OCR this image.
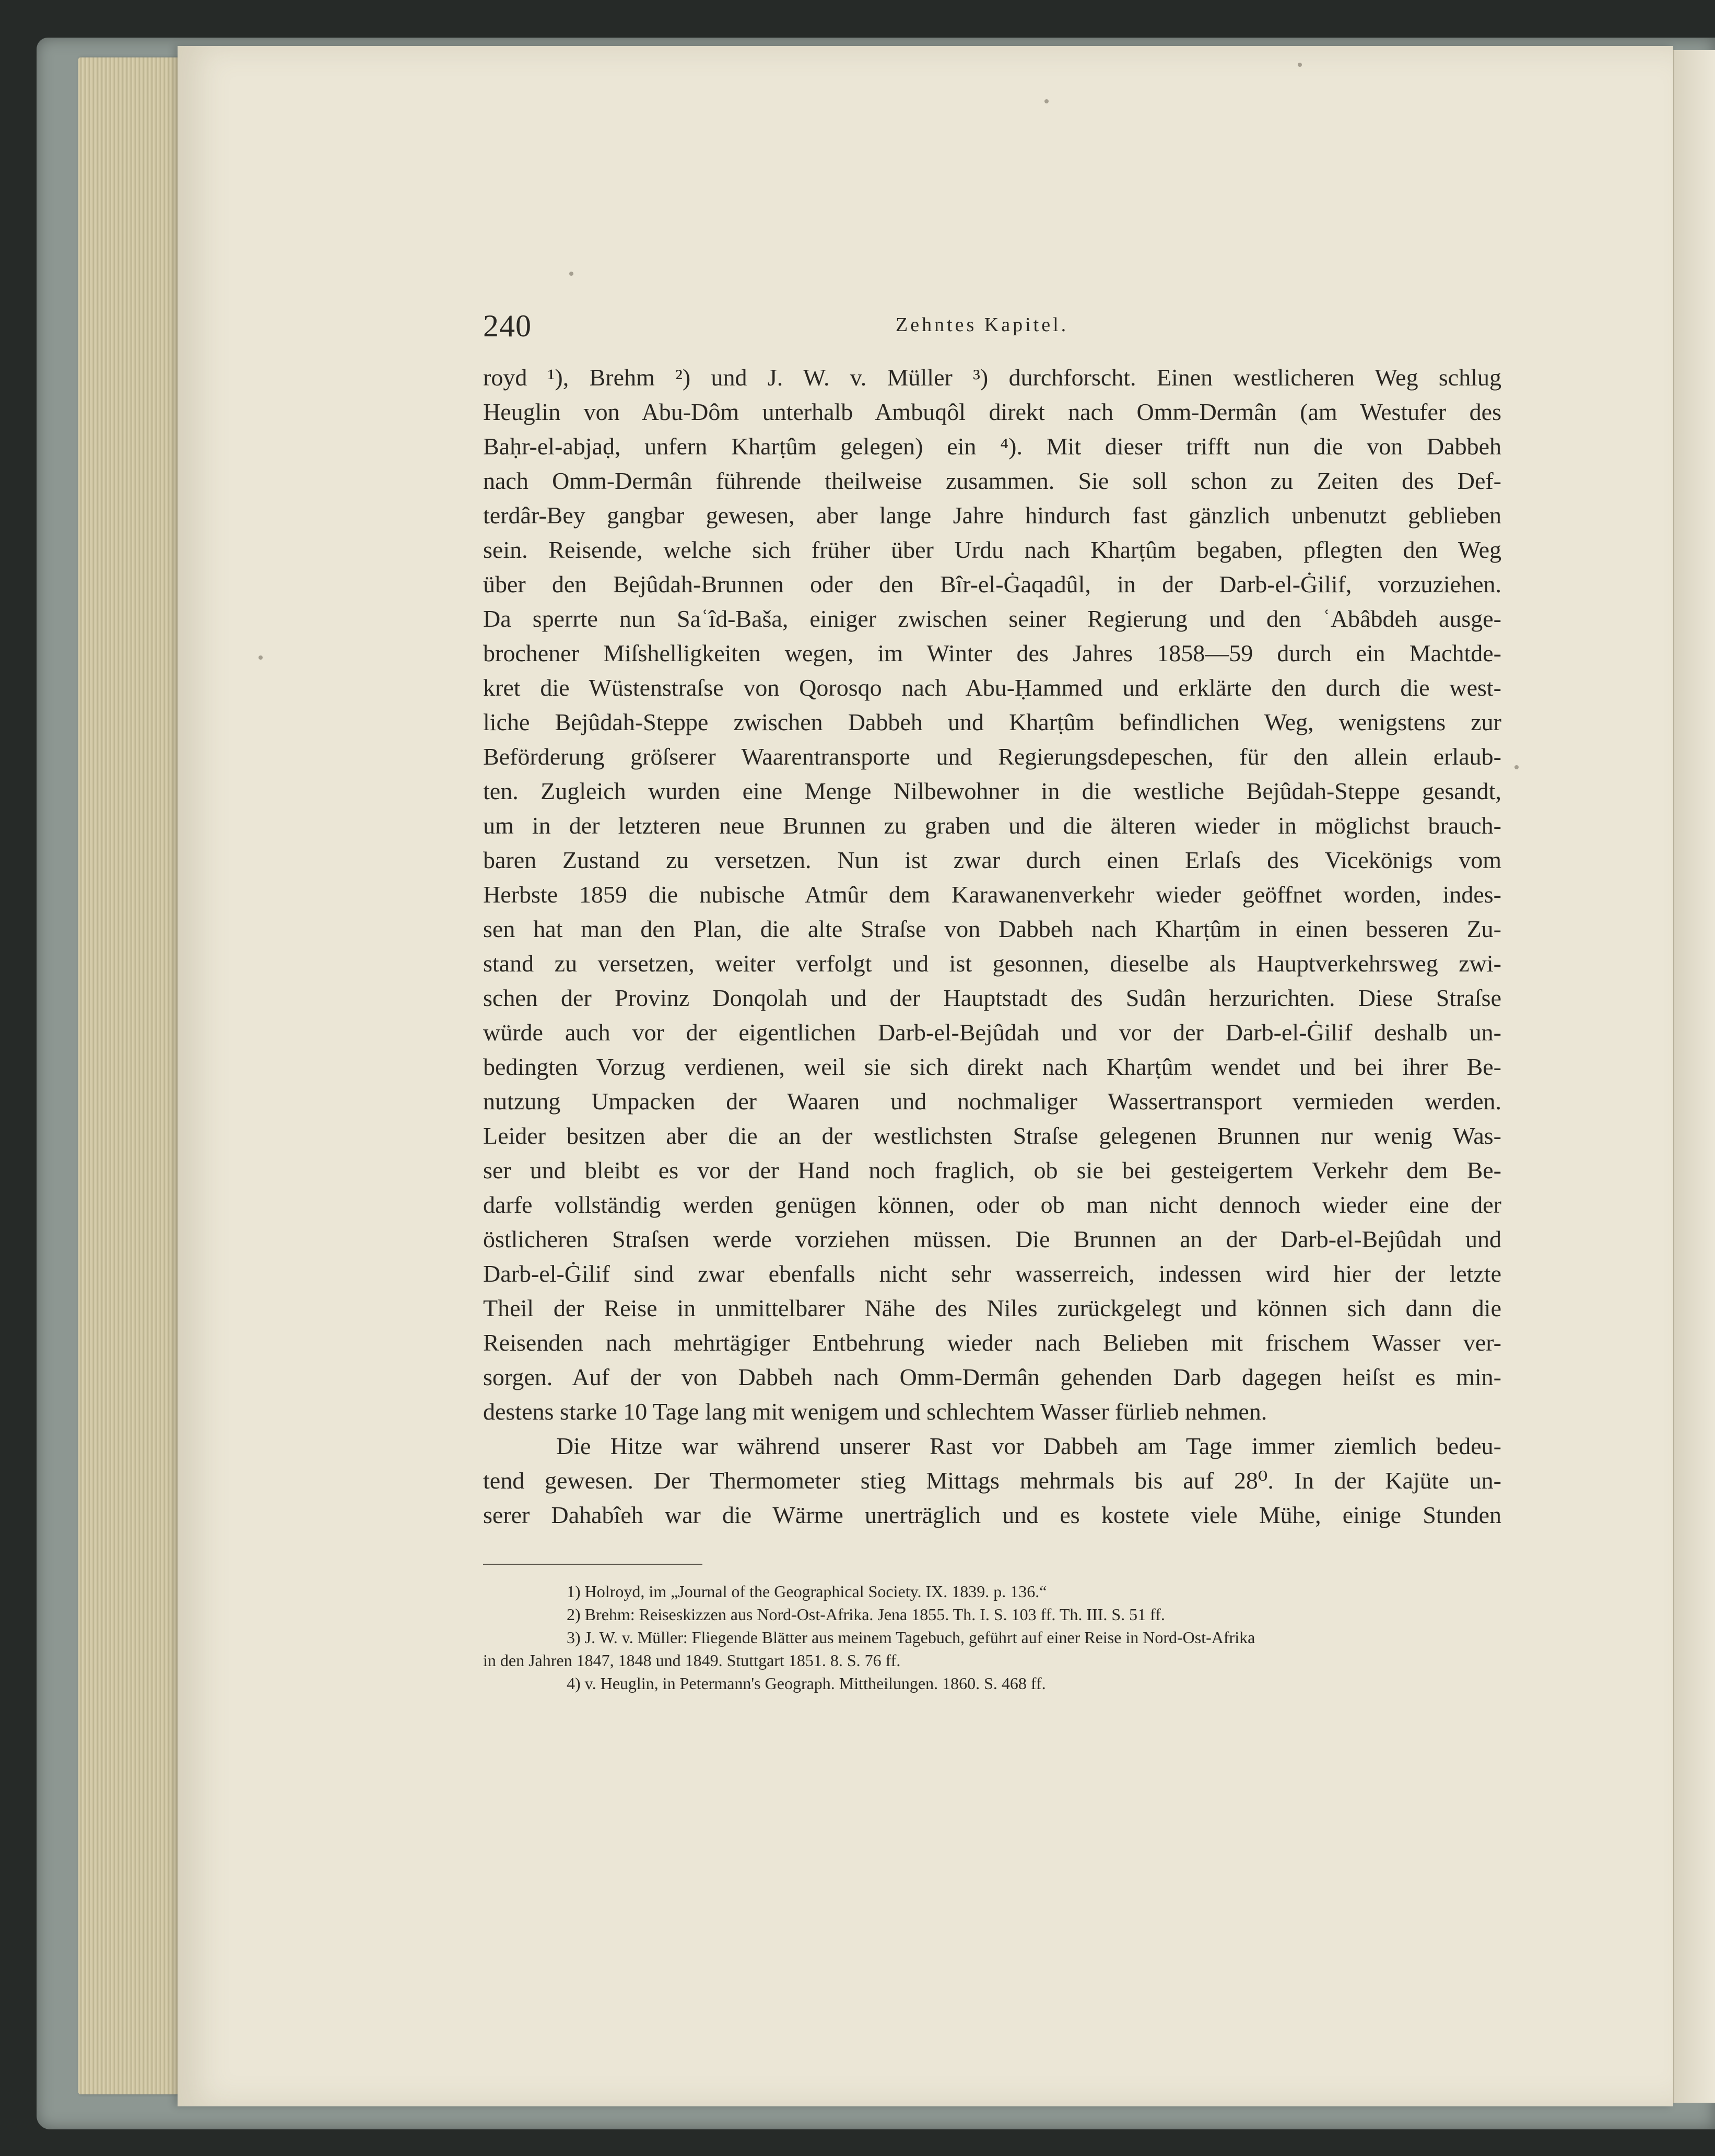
240	Zehntes Kapitel.
royd ¹), Brehm ²) und J. W. v. Müller ³) durchforscht. Einen westlicheren Weg schlug
Heuglin von Abu-Dôm unterhalb Ambuqôl direkt nach Omm-Dermân (am Westufer des
Baḥr-el-abjaḍ, unfern Kharṭûm gelegen) ein ⁴). Mit dieser trifft nun die von Dabbeh
nach Omm-Dermân führende theilweise zusammen. Sie soll schon zu Zeiten des Def-
terdâr-Bey gangbar gewesen, aber lange Jahre hindurch fast gänzlich unbenutzt geblieben
sein. Reisende, welche sich früher über Urdu nach Kharṭûm begaben, pflegten den Weg
über den Bejûdah-Brunnen oder den Bîr-el-Ġaqadûl, in der Darb-el-Ġilif, vorzuziehen.
Da sperrte nun Saʿîd-Baša, einiger zwischen seiner Regierung und den ʿAbâbdeh ausge-
brochener Miſshelligkeiten wegen, im Winter des Jahres 1858—59 durch ein Machtde-
kret die Wüstenstraſse von Qorosqo nach Abu-Ḥammed und erklärte den durch die west-
liche Bejûdah-Steppe zwischen Dabbeh und Kharṭûm befindlichen Weg, wenigstens zur
Beförderung gröſserer Waarentransporte und Regierungsdepeschen, für den allein erlaub-
ten. Zugleich wurden eine Menge Nilbewohner in die westliche Bejûdah-Steppe gesandt,
um in der letzteren neue Brunnen zu graben und die älteren wieder in möglichst brauch-
baren Zustand zu versetzen. Nun ist zwar durch einen Erlaſs des Vicekönigs vom
Herbste 1859 die nubische Atmûr dem Karawanenverkehr wieder geöffnet worden, indes-
sen hat man den Plan, die alte Straſse von Dabbeh nach Kharṭûm in einen besseren Zu-
stand zu versetzen, weiter verfolgt und ist gesonnen, dieselbe als Hauptverkehrsweg zwi-
schen der Provinz Donqolah und der Hauptstadt des Sudân herzurichten. Diese Straſse
würde auch vor der eigentlichen Darb-el-Bejûdah und vor der Darb-el-Ġilif deshalb un-
bedingten Vorzug verdienen, weil sie sich direkt nach Kharṭûm wendet und bei ihrer Be-
nutzung Umpacken der Waaren und nochmaliger Wassertransport vermieden werden.
Leider besitzen aber die an der westlichsten Straſse gelegenen Brunnen nur wenig Was-
ser und bleibt es vor der Hand noch fraglich, ob sie bei gesteigertem Verkehr dem Be-
darfe vollständig werden genügen können, oder ob man nicht dennoch wieder eine der
östlicheren Straſsen werde vorziehen müssen. Die Brunnen an der Darb-el-Bejûdah und
Darb-el-Ġilif sind zwar ebenfalls nicht sehr wasserreich, indessen wird hier der letzte
Theil der Reise in unmittelbarer Nähe des Niles zurückgelegt und können sich dann die
Reisenden nach mehrtägiger Entbehrung wieder nach Belieben mit frischem Wasser ver-
sorgen. Auf der von Dabbeh nach Omm-Dermân gehenden Darb dagegen heiſst es min-
destens starke 10 Tage lang mit wenigem und schlechtem Wasser fürlieb nehmen.
Die Hitze war während unserer Rast vor Dabbeh am Tage immer ziemlich bedeu-
tend gewesen. Der Thermometer stieg Mittags mehrmals bis auf 28⁰. In der Kajüte un-
serer Dahabîeh war die Wärme unerträglich und es kostete viele Mühe, einige Stunden
1) Holroyd, im „Journal of the Geographical Society. IX. 1839. p. 136.“
2) Brehm: Reiseskizzen aus Nord-Ost-Afrika. Jena 1855. Th. I. S. 103 ff. Th. III. S. 51 ff.
3) J. W. v. Müller: Fliegende Blätter aus meinem Tagebuch, geführt auf einer Reise in Nord-Ost-Afrika
in den Jahren 1847, 1848 und 1849. Stuttgart 1851. 8. S. 76 ff.
4) v. Heuglin, in Petermann's Geograph. Mittheilungen. 1860. S. 468 ff.
